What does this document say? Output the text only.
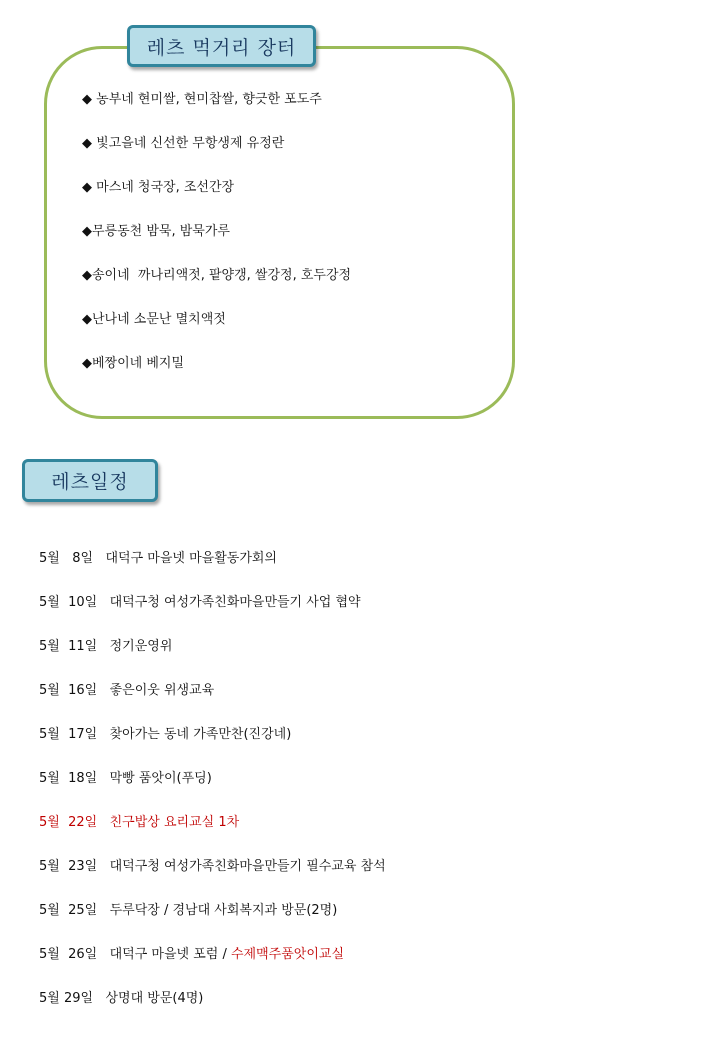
레츠 먹거리 장터
◆ 농부네 현미쌀, 현미찹쌀, 향긋한 포도주
◆ 빛고을네 신선한 무항생제 유정란
◆ 마스네 청국장, 조선간장
◆무릉동천 밤묵, 밤묵가루
◆송이네  까나리액젓, 팥양갱, 쌀강정, 호두강정
◆난나네 소문난 멸치액젓
◆베짱이네 베지밀
레츠일정
5월   8일 대덕구 마을넷 마을활동가회의
5월  10일 대덕구청 여성가족친화마을만들기 사업 협약
5월  11일 정기운영위
5월  16일 좋은이웃 위생교육
5월  17일 찾아가는 동네 가족만찬(진강네)
5월  18일 막빵 품앗이(푸딩)
5월  22일 친구밥상 요리교실 1차
5월  23일 대덕구청 여성가족친화마을만들기 필수교육 참석
5월  25일 두루닥장 / 경남대 사회복지과 방문(2명)
5월  26일 대덕구 마을넷 포럼 / 수제맥주품앗이교실
5월 29일 상명대 방문(4명)
